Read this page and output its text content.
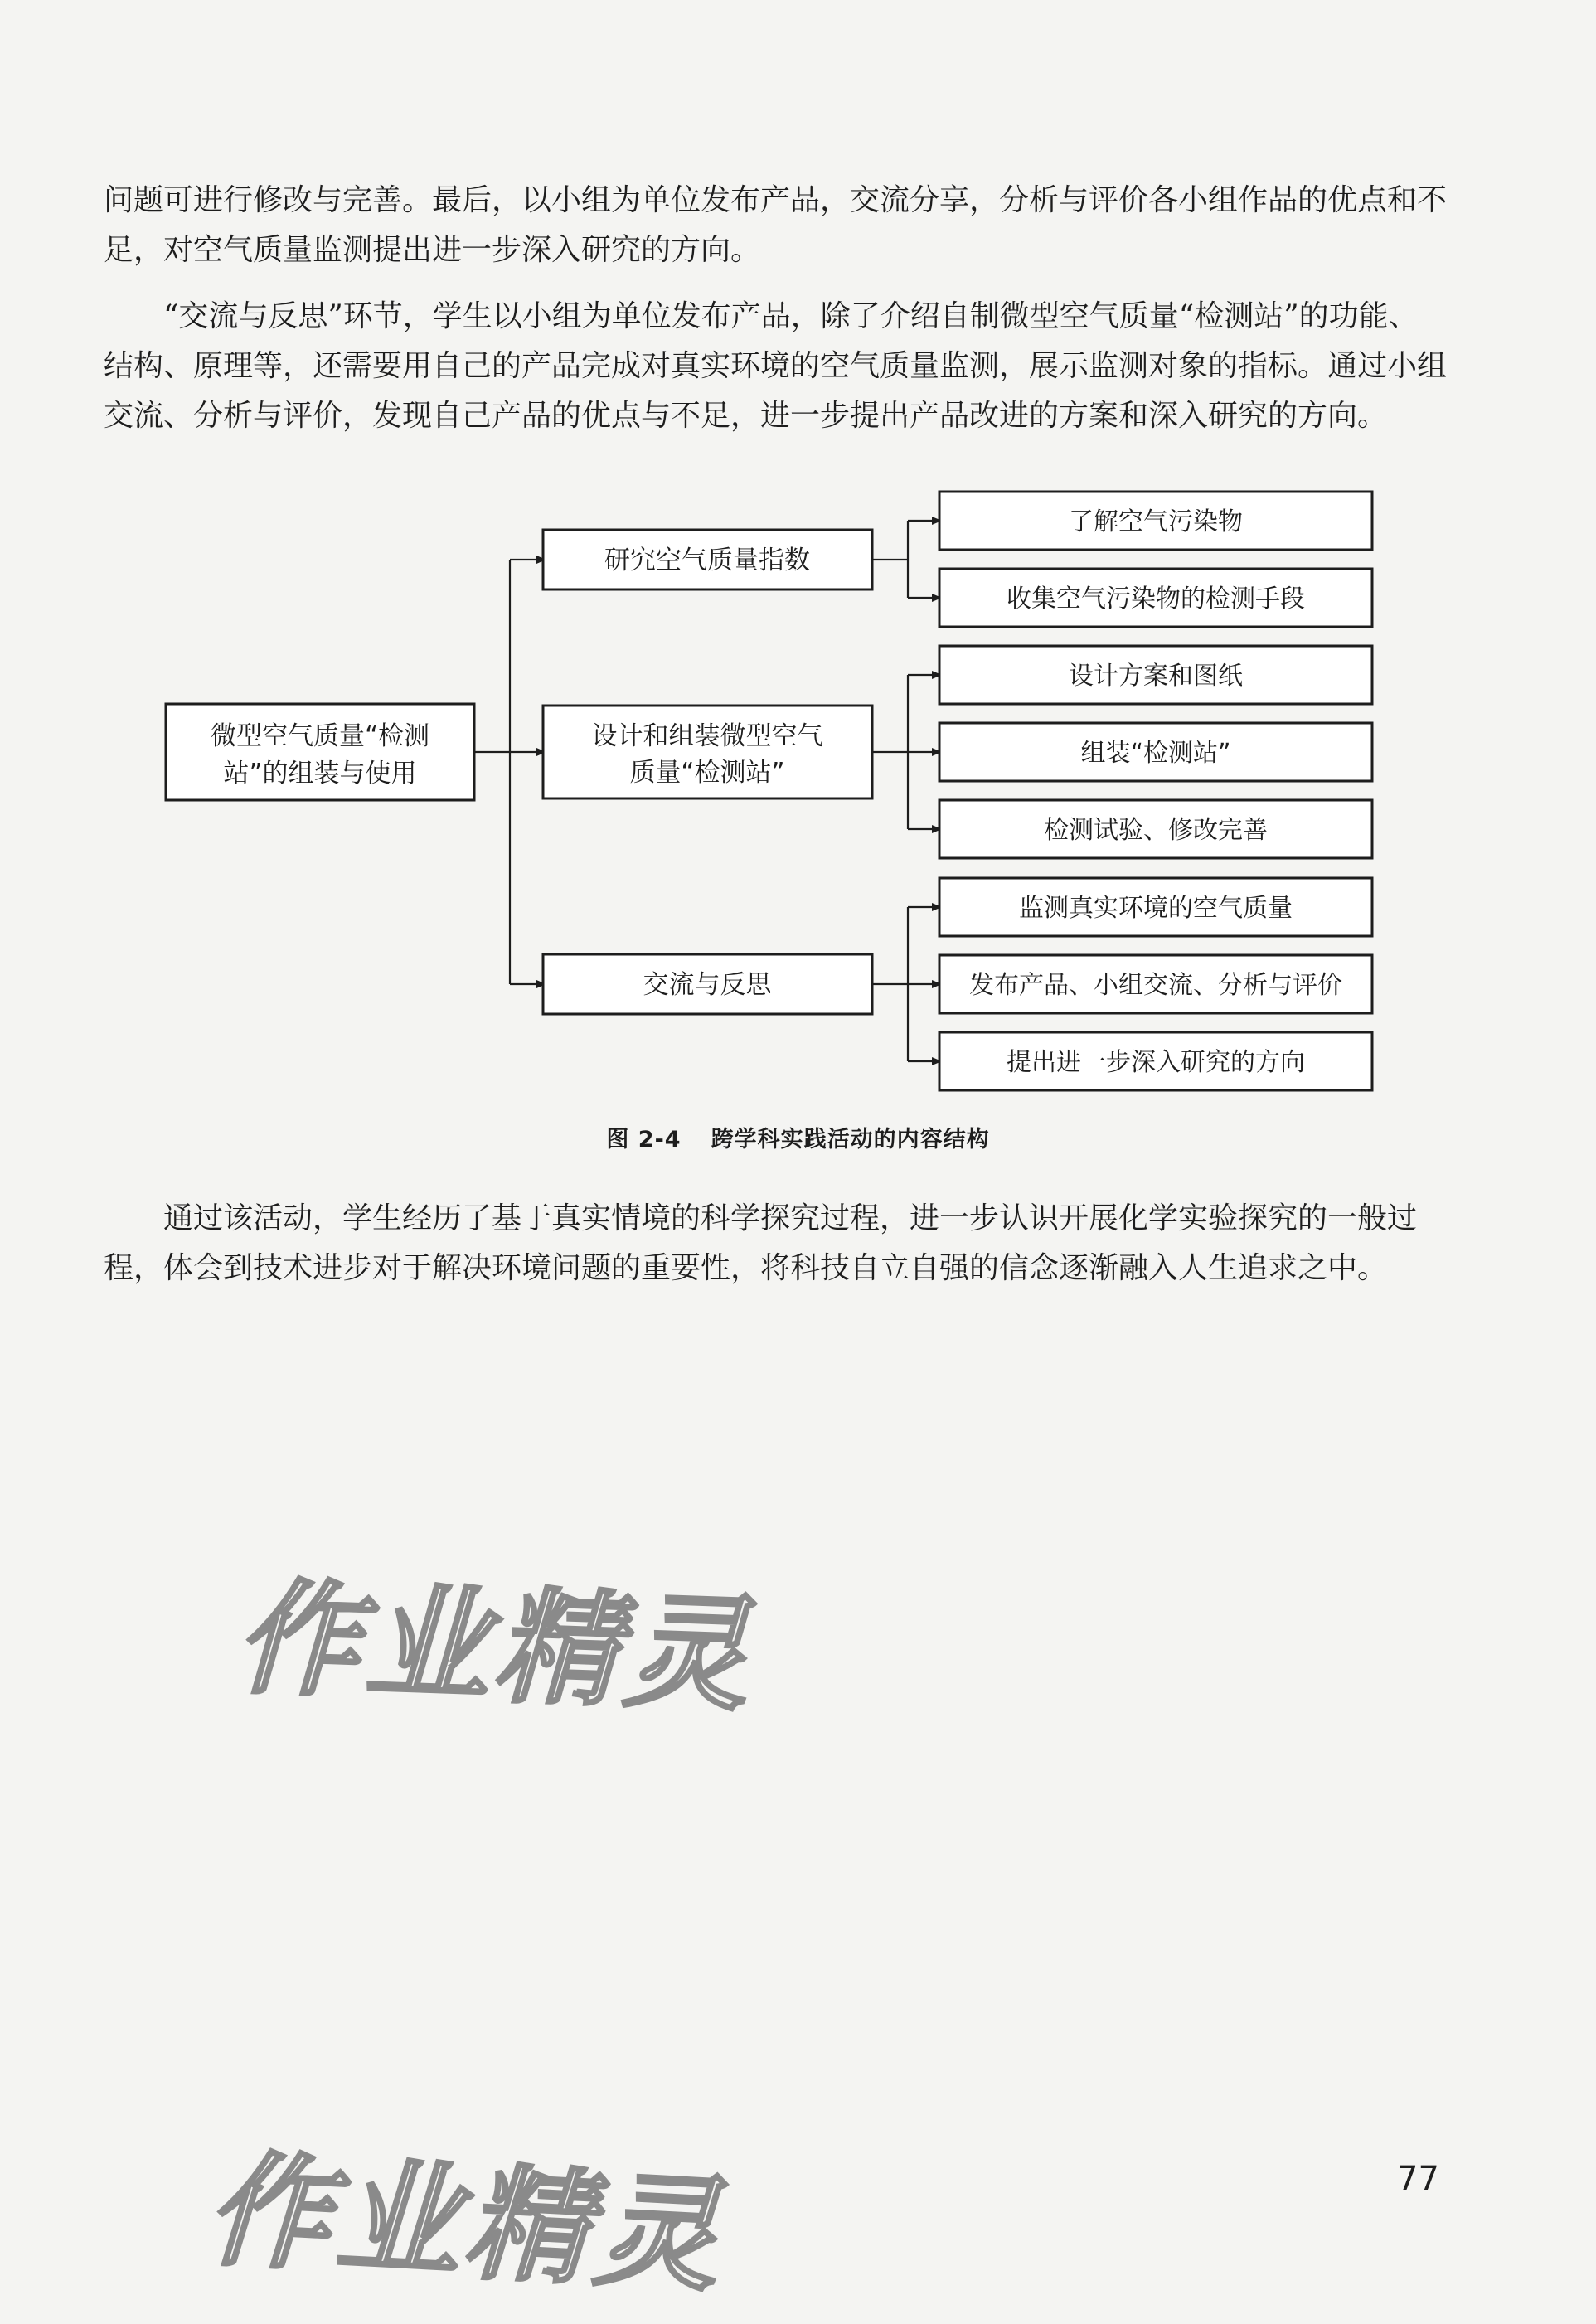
问题可进行修改与完善。最后，以小组为单位发布产品，交流分享，分析与评价各小组作品的优点和不足，对空气质量监测提出进一步深入研究的方向。

“交流与反思”环节，学生以小组为单位发布产品，除了介绍自制微型空气质量“检测站”的功能、结构、原理等，还需要用自己的产品完成对真实环境的空气质量监测，展示监测对象的指标。通过小组交流、分析与评价，发现自己产品的优点与不足，进一步提出产品改进的方案和深入研究的方向。

微型空气质量“检测
站”的组装与使用
研究空气质量指数
设计和组装微型空气
质量“检测站”
交流与反思
了解空气污染物
收集空气污染物的检测手段
设计方案和图纸
组装“检测站”
检测试验、修改完善
监测真实环境的空气质量
发布产品、小组交流、分析与评价
提出进一步深入研究的方向
图 2-4 跨学科实践活动的内容结构

通过该活动，学生经历了基于真实情境的科学探究过程，进一步认识开展化学实验探究的一般过程，体会到技术进步对于解决环境问题的重要性，将科技自立自强的信念逐渐融入人生追求之中。

作业精灵
作业精灵	77
